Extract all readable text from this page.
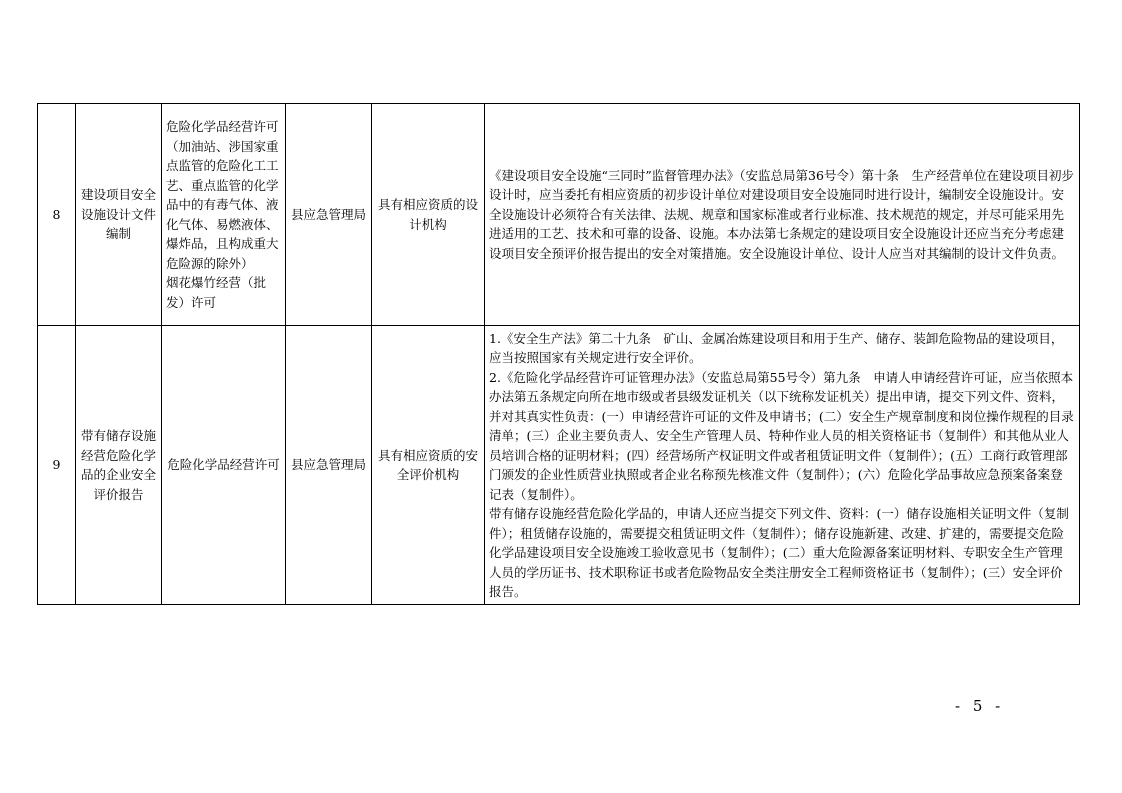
8	建设项目安全设施设计文件编制	危险化学品经营许可（加油站、涉国家重点监管的危险化工工艺、重点监管的化学品中的有毒气体、液化气体、易燃液体、爆炸品，且构成重大危险源的除外）
烟花爆竹经营（批发）许可	县应急管理局	具有相应资质的设计机构	《建设项目安全设施“三同时”监督管理办法》（安监总局第36号令）第十条　生产经营单位在建设项目初步设计时，应当委托有相应资质的初步设计单位对建设项目安全设施同时进行设计，编制安全设施设计。安全设施设计必须符合有关法律、法规、规章和国家标准或者行业标准、技术规范的规定，并尽可能采用先进适用的工艺、技术和可靠的设备、设施。本办法第七条规定的建设项目安全设施设计还应当充分考虑建设项目安全预评价报告提出的安全对策措施。安全设施设计单位、设计人应当对其编制的设计文件负责。

9	带有储存设施经营危险化学品的企业安全评价报告	危险化学品经营许可	县应急管理局	具有相应资质的安全评价机构	1.《安全生产法》第二十九条　矿山、金属冶炼建设项目和用于生产、储存、装卸危险物品的建设项目，应当按照国家有关规定进行安全评价。
2.《危险化学品经营许可证管理办法》（安监总局第55号令）第九条　申请人申请经营许可证，应当依照本办法第五条规定向所在地市级或者县级发证机关（以下统称发证机关）提出申请，提交下列文件、资料，并对其真实性负责：(一）申请经营许可证的文件及申请书；(二）安全生产规章制度和岗位操作规程的目录清单；(三）企业主要负责人、安全生产管理人员、特种作业人员的相关资格证书（复制件）和其他从业人员培训合格的证明材料；(四）经营场所产权证明文件或者租赁证明文件（复制件）；(五）工商行政管理部门颁发的企业性质营业执照或者企业名称预先核准文件（复制件）；(六）危险化学品事故应急预案备案登记表（复制件）。
带有储存设施经营危险化学品的，申请人还应当提交下列文件、资料：(一）储存设施相关证明文件（复制件）；租赁储存设施的，需要提交租赁证明文件（复制件）；储存设施新建、改建、扩建的，需要提交危险化学品建设项目安全设施竣工验收意见书（复制件）；(二）重大危险源备案证明材料、专职安全生产管理人员的学历证书、技术职称证书或者危险物品安全类注册安全工程师资格证书（复制件）；(三）安全评价报告。
- 5 -
